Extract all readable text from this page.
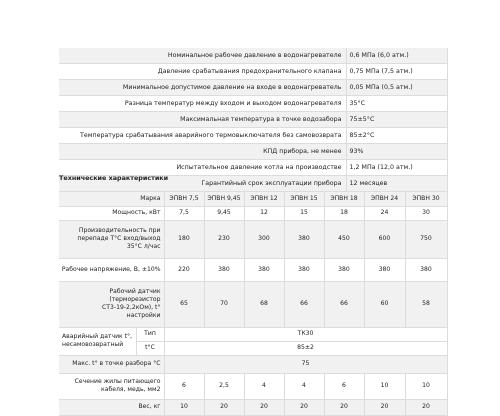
Номинальное рабочее давление в водонагревателе	0,6 МПа (6,0 атм.)
Давление срабатывания предохранительного клапана	0,75 МПа (7,5 атм.)
Минимальное допустимое давление на входе в водонагреватель	0,05 МПа (0,5 атм.)
Разница температур между входом и выходом водонагревателя	35°С
Максимальная температура в точке водозабора	75±5°С
Температура срабатывания аварийного термовыключателя без самовозврата	85±2°С
КПД прибора, не менее	93%
Испытательное давление котла на производстве	1,2 МПа (12,0 атм.)
Гарантийный срок эксплуатации прибора	12 месяцев
Технические характеристики
Марка		ЭПВН 7,5	ЭПВН 9,45	ЭПВН 12	ЭПВН 15	ЭПВН 18	ЭПВН 24	ЭПВН 30
Мощность, кВт		7,5	9,45	12	15	18	24	30

Производительность при
перепаде Т°С вход/выход
35°С л/час		180	230	300	380	450	600	750
Рабочее напряжение, В, ±10%		220	380	380	380	380	380	380

Рабочий датчик
(терморезистор
СТ3-19-2,2кОм), t°
настройки		65	70	68	66	66	60	58

Аварийный датчик t°,
несамовозвратный	Тип	ТК30						
	t°С	85±2						
Макс. t° в точке разбора °С		75						

Сечение жилы питающего
кабеля, медь, мм2		6	2,5	4	4	6	10	10
Вес, кг		10	20	20	20	20	20	20
